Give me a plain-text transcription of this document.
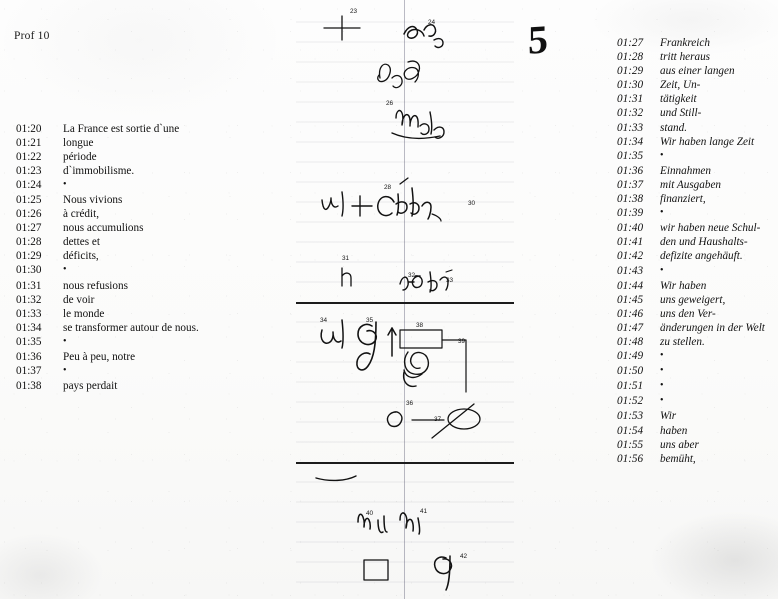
Prof 10	5
01:20	La France est sortie d`une
01:21	longue
01:22	période
01:23	d`immobilisme.
01:24	•
01:25	Nous vivions
01:26	à crédit,
01:27	nous accumulions
01:28	dettes et
01:29	déficits,
01:30	•
01:31	nous refusions
01:32	de voir
01:33	le monde
01:34	se transformer autour de nous.
01:35	•
01:36	Peu à peu, notre
01:37	•
01:38	pays perdait
01:27	Frankreich
01:28	tritt heraus
01:29	aus einer langen
01:30	Zeit, Un-
01:31	tätigkeit
01:32	und Still-
01:33	stand.
01:34	Wir haben lange Zeit
01:35	•
01:36	Einnahmen
01:37	mit Ausgaben
01:38	finanziert,
01:39	•
01:40	wir haben neue Schul-
01:41	den und Haushalts-
01:42	defizite angehäuft.
01:43	•
01:44	Wir haben
01:45	uns geweigert,
01:46	uns den Ver-
01:47	änderungen in der Welt
01:48	zu stellen.
01:49	•
01:50	•
01:51	•
01:52	•
01:53	Wir
01:54	haben
01:55	uns aber
01:56	bemüht,
23
24
26
28
30
31
32
33
34	35
38
39
36
37
40	41
42
